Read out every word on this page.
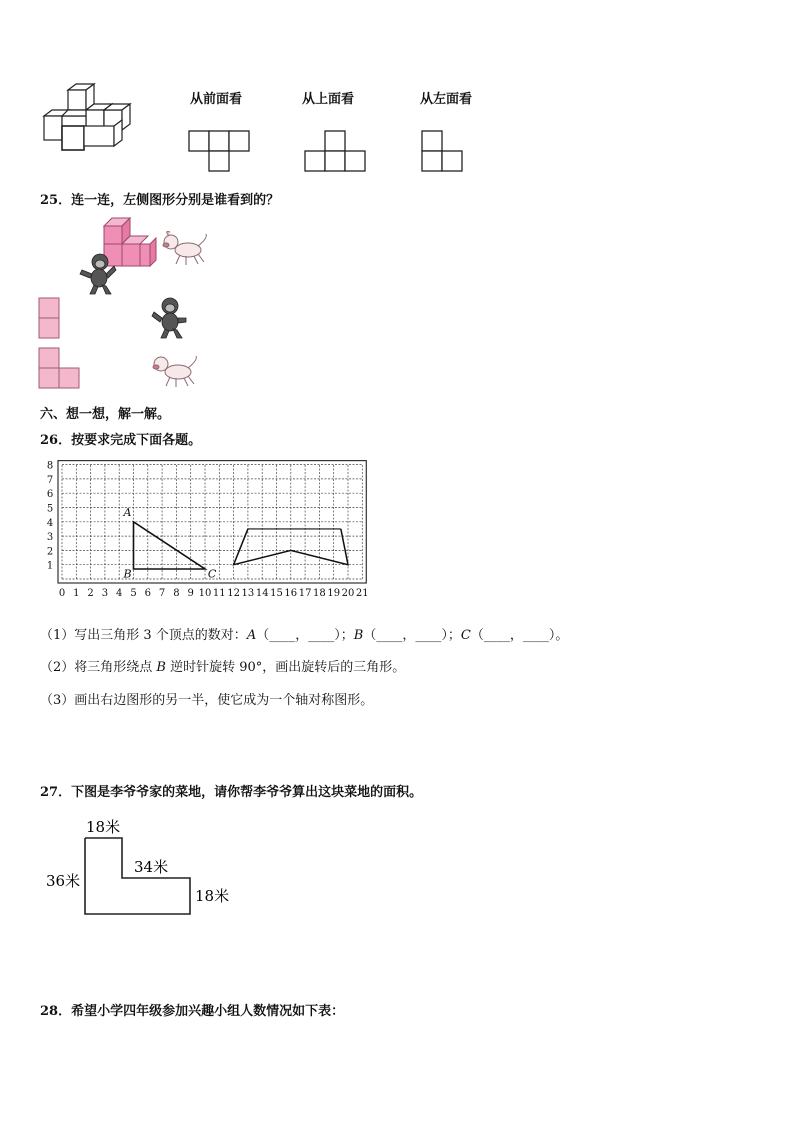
从前面看	从上面看	从左面看
25．连一连，左侧图形分别是谁看到的？
六、想一想，解一解。
26．按要求完成下面各题。
0 1 2 3 4 5 6 7 8 9 10 11 12 13 14 15 16 17 18 19 20 21
1
2
3
4
5
6
7
8
A
B	C
（1）写出三角形 3 个顶点的数对：A（____，____）；B（____，____）；C（____，____）。
（2）将三角形绕点 B 逆时针旋转 90°，画出旋转后的三角形。
（3）画出右边图形的另一半，使它成为一个轴对称图形。
27．下图是李爷爷家的菜地，请你帮李爷爷算出这块菜地的面积。
18米
34米
36米
18米
28．希望小学四年级参加兴趣小组人数情况如下表：
